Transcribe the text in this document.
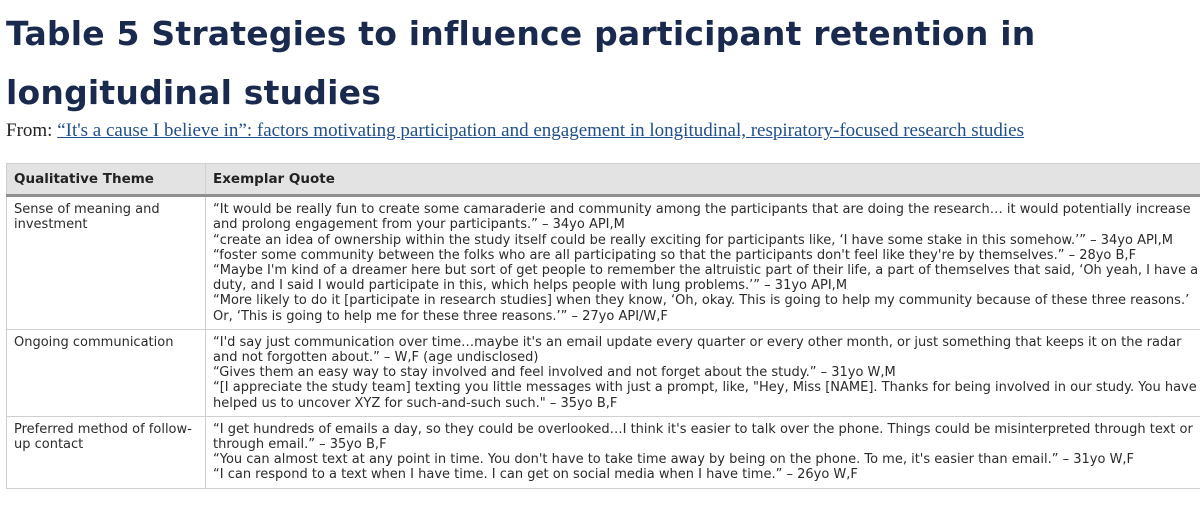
Table 5 Strategies to influence participant retention in longitudinal studies
From: “It's a cause I believe in”: factors motivating participation and engagement in longitudinal, respiratory-focused research studies
Qualitative Theme	Exemplar Quote
Sense of meaning and investment	“It would be really fun to create some camaraderie and community among the participants that are doing the research… it would potentially increase and prolong engagement from your participants.” – 34yo API,M
“create an idea of ownership within the study itself could be really exciting for participants like, ‘I have some stake in this somehow.’” – 34yo API,M
“foster some community between the folks who are all participating so that the participants don't feel like they're by themselves.” – 28yo B,F
“Maybe I'm kind of a dreamer here but sort of get people to remember the altruistic part of their life, a part of themselves that said, ‘Oh yeah, I have a duty, and I said I would participate in this, which helps people with lung problems.’” – 31yo API,M
“More likely to do it [participate in research studies] when they know, ‘Oh, okay. This is going to help my community because of these three reasons.’ Or, ‘This is going to help me for these three reasons.’” – 27yo API/W,F

Ongoing communication	“I'd say just communication over time…maybe it's an email update every quarter or every other month, or just something that keeps it on the radar and not forgotten about.” – W,F (age undisclosed)
“Gives them an easy way to stay involved and feel involved and not forget about the study.” – 31yo W,M
“[I appreciate the study team] texting you little messages with just a prompt, like, "Hey, Miss [NAME]. Thanks for being involved in our study. You have helped us to uncover XYZ for such-and-such such." – 35yo B,F

Preferred method of follow-up contact	“I get hundreds of emails a day, so they could be overlooked…I think it's easier to talk over the phone. Things could be misinterpreted through text or through email.” – 35yo B,F
“You can almost text at any point in time. You don't have to take time away by being on the phone. To me, it's easier than email.” – 31yo W,F
“I can respond to a text when I have time. I can get on social media when I have time.” – 26yo W,F
